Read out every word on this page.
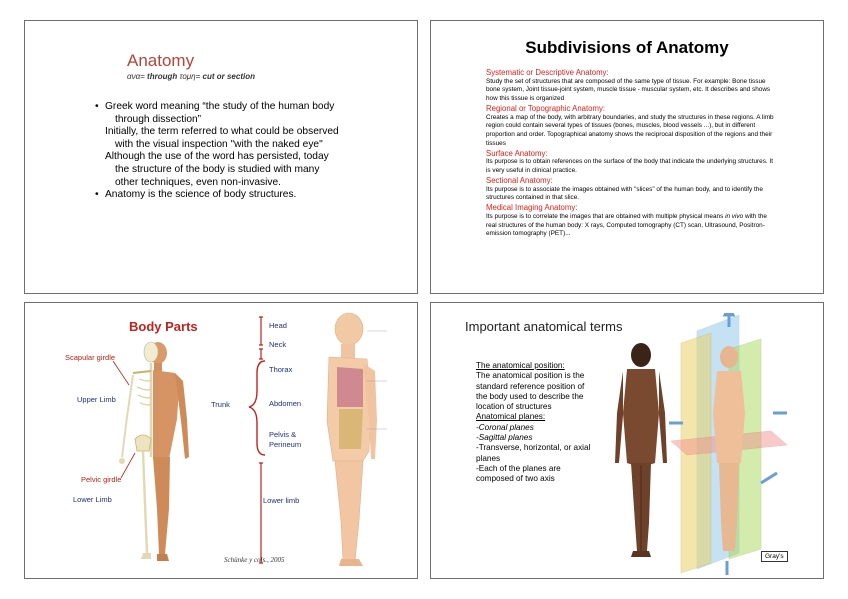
Anatomy
ανα= through τομη= cut or section
• Greek word meaning “the study of the human body through dissection”
Initially, the term referred to what could be observed with the visual inspection "with the naked eye"
Although the use of the word has persisted, today the structure of the body is studied with many other techniques, even non-invasive.
• Anatomy is the science of body structures.
Subdivisions of Anatomy

Systematic or Descriptive Anatomy:

Study the set of structures that are composed of the same type of tissue. For example: Bone tissue bone system, Joint tissue-joint system, muscle tissue - muscular system, etc. It describes and shows how this tissue is organized

Regional or Topographic Anatomy:

Creates a map of the body, with arbitrary boundaries, and study the structures in these regions. A limb region could contain several types of tissues (bones, muscles, blood vessels ...), but in different proportion and order. Topographical anatomy shows the reciprocal disposition of the regions and their tissues

Surface Anatomy:

Its purpose is to obtain references on the surface of the body that indicate the underlying structures. It is very useful in clinical practice.

Sectional Anatomy:

Its purpose is to associate the images obtained with "slices" of the human body, and to identify the structures contained in that slice.

Medical Imaging Anatomy:

Its purpose is to correlate the images that are obtained with multiple physical means in vivo with the real structures of the human body: X rays, Computed tomography (CT) scan, Ultrasound, Positron-emission tomography (PET)...

Body Parts
Scapular girdle
Upper Limb
Pelvic girdle
Lower Limb
Trunk
Head
Neck
Thorax
Abdomen
Pelvis &
Perineum
Lower limb
Schünke y cols., 2005
Important anatomical terms

The anatomical position:

The anatomical position is the standard reference position of the body used to describe the location of structures

Anatomical planes:

-Coronal planes

-Sagittal planes

-Transverse, horizontal, or axial planes

-Each of the planes are composed of two axis

Gray's
